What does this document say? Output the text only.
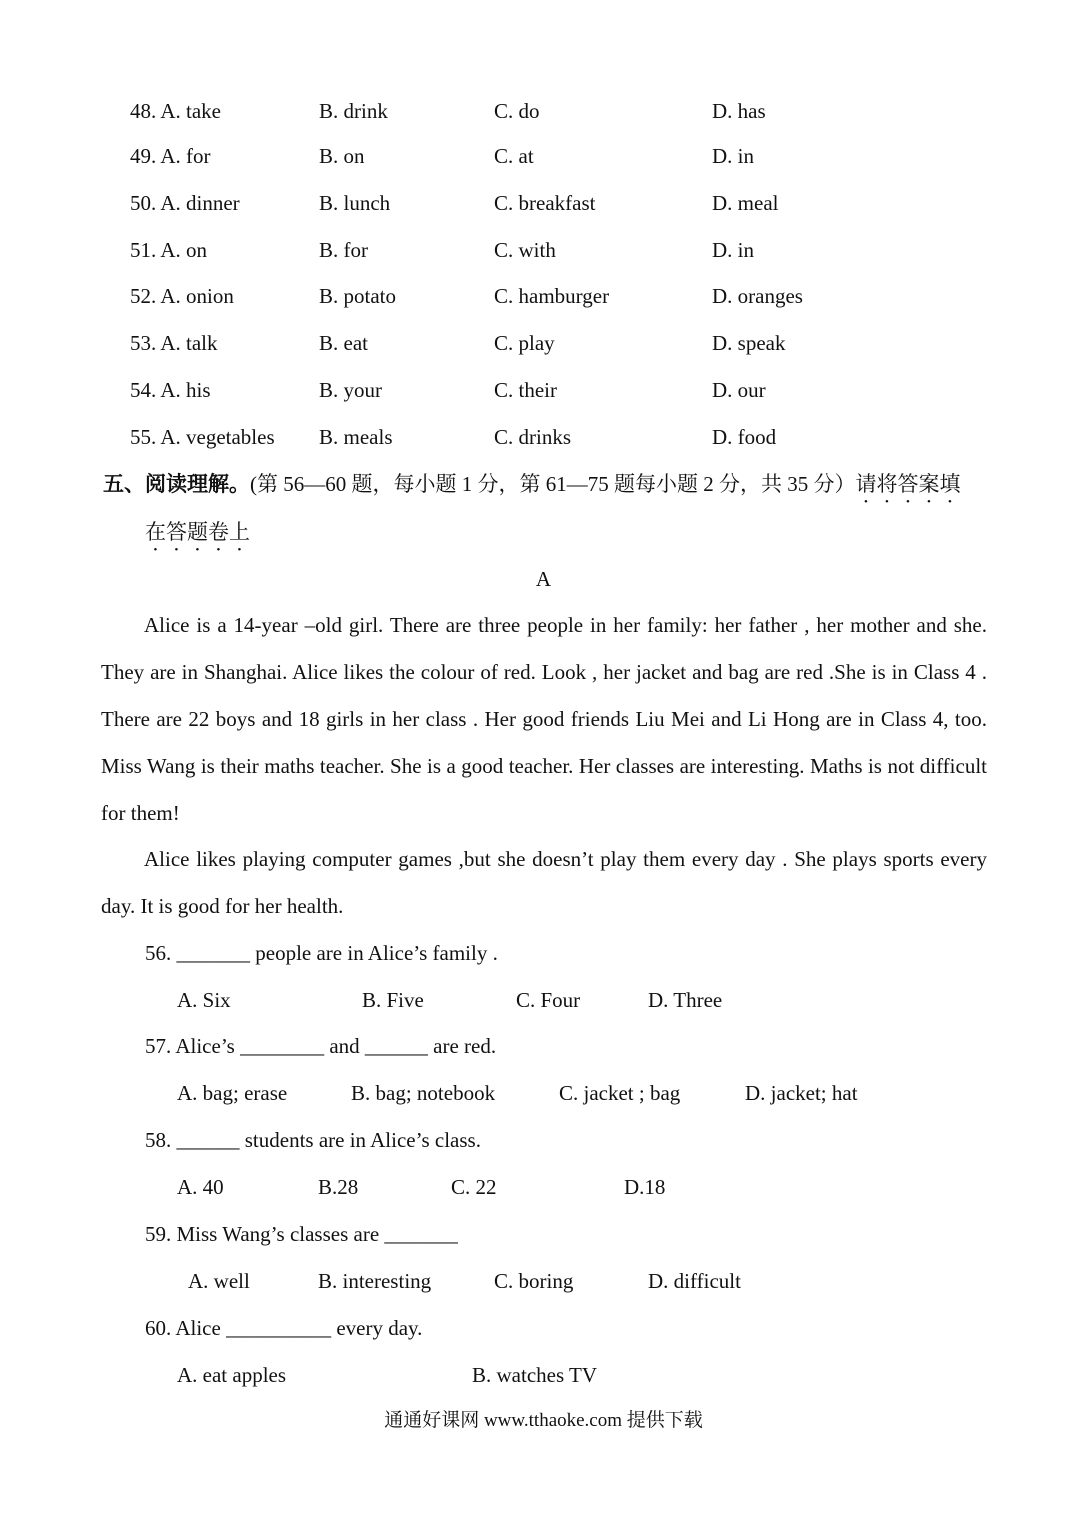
48. A. take	B. drink	C. do	D. has
49. A. for	B. on	C. at	D. in
50. A. dinner	B. lunch	C. breakfast	D. meal
51. A. on	B. for	C. with	D. in
52. A. onion	B. potato	C. hamburger	D. oranges
53. A. talk	B. eat	C. play	D. speak
54. A. his	B. your	C. their	D. our
55. A. vegetables B. meals	C. drinks	D. food
五、阅读理解。(第 56—60 题，每小题 1 分，第 61—75 题每小题 2 分，共 35 分）请将答案填
在答题卷上
A

Alice is a 14-year –old girl. There are three people in her family: her father , her mother and she. They are in Shanghai. Alice likes the colour of red. Look , her jacket and bag are red .She is in Class 4 . There are 22 boys and 18 girls in her class . Her good friends Liu Mei and Li Hong are in Class 4, too. Miss Wang is their maths teacher. She is a good teacher. Her classes are interesting. Maths is not difficult for them!

Alice likes playing computer games ,but she doesn’t play them every day . She plays sports every day. It is good for her health.

56. _______ people are in Alice’s family .
A. Six	B. Five	C. Four	D. Three
57. Alice’s ________ and ______ are red.
A. bag; erase	B. bag; notebook	C. jacket ; bag	D. jacket; hat
58. ______ students are in Alice’s class.
A. 40	B.28	C. 22	D.18
59. Miss Wang’s classes are _______
A. well	B. interesting	C. boring	D. difficult
60. Alice __________ every day.
A. eat apples	B. watches TV
通通好课网 www.tthaoke.com 提供下载
